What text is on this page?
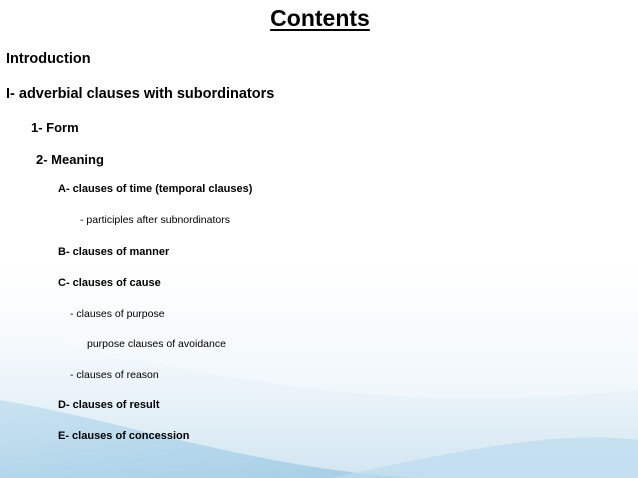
Contents

Introduction

I- adverbial clauses with subordinators

1- Form

2- Meaning

A- clauses of time (temporal clauses)

- participles after subnordinators

B- clauses of manner

C- clauses of cause

- clauses of purpose

purpose clauses of avoidance

- clauses of reason

D- clauses of result

E- clauses of concession
